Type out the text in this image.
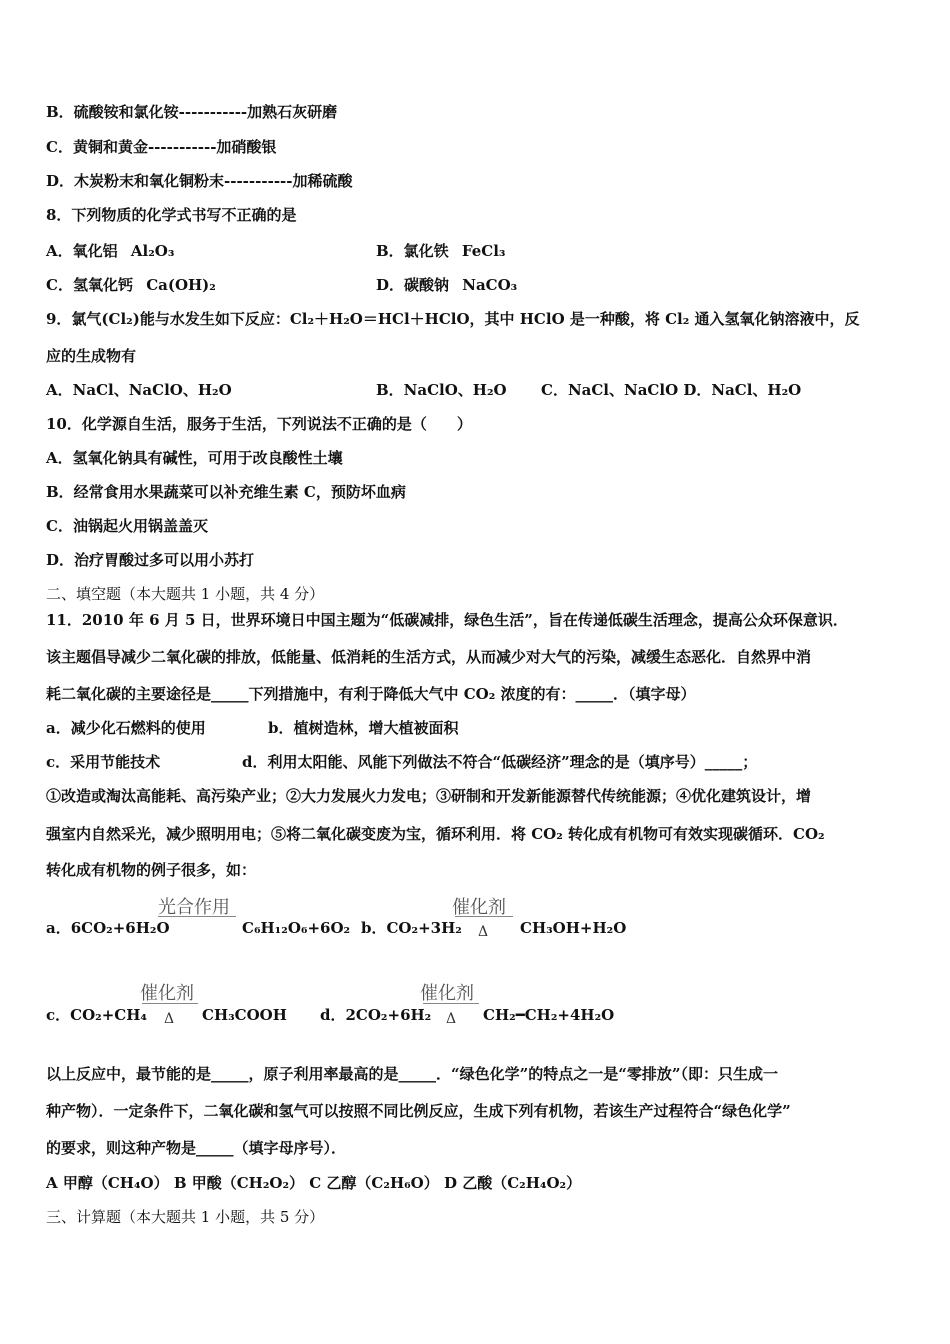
B．硫酸铵和氯化铵-----------加熟石灰研磨
C．黄铜和黄金-----------加硝酸银
D．木炭粉末和氧化铜粉末-----------加稀硫酸
8．下列物质的化学式书写不正确的是
A．氧化铝 Al₂O₃	B．氯化铁 FeCl₃
C．氢氧化钙 Ca(OH)₂	D．碳酸钠 NaCO₃
9．氯气(Cl₂)能与水发生如下反应：Cl₂＋H₂O＝HCl＋HClO，其中 HClO 是一种酸，将 Cl₂ 通入氢氧化钠溶液中，反
应的生成物有
A．NaCl、NaClO、H₂O	B．NaClO、H₂O C．NaCl、NaClO D．NaCl、H₂O
10．化学源自生活，服务于生活，下列说法不正确的是（　　）
A．氢氧化钠具有碱性，可用于改良酸性土壤
B．经常食用水果蔬菜可以补充维生素 C，预防坏血病
C．油锅起火用锅盖盖灭
D．治疗胃酸过多可以用小苏打
二、填空题（本大题共 1 小题，共 4 分）
11．2010 年 6 月 5 日，世界环境日中国主题为“低碳减排，绿色生活”，旨在传递低碳生活理念，提高公众环保意识．
该主题倡导减少二氧化碳的排放，低能量、低消耗的生活方式，从而减少对大气的污染，减缓生态恶化．自然界中消
耗二氧化碳的主要途径是_____下列措施中，有利于降低大气中 CO₂ 浓度的有：_____．（填字母）
a．减少化石燃料的使用	b．植树造林，增大植被面积
c．采用节能技术	d．利用太阳能、风能下列做法不符合“低碳经济”理念的是（填序号）_____；
①改造或淘汰高能耗、高污染产业；②大力发展火力发电；③研制和开发新能源替代传统能源；④优化建筑设计，增
强室内自然采光，减少照明用电；⑤将二氧化碳变废为宝，循环利用．将 CO₂ 转化成有机物可有效实现碳循环．CO₂
转化成有机物的例子很多，如：
a．6CO₂+6H₂O
光合作用
C₆H₁₂O₆+6O₂ b．CO₂+3H₂
催化剂
Δ CH₃OH+H₂O
c．CO₂+CH₄
催化剂
Δ CH₃COOH d．2CO₂+6H₂
催化剂
Δ CH₂━CH₂+4H₂O
以上反应中，最节能的是_____，原子利用率最高的是_____．“绿色化学”的特点之一是“零排放”（即：只生成一
种产物）．一定条件下，二氧化碳和氢气可以按照不同比例反应，生成下列有机物，若该生产过程符合“绿色化学”
的要求，则这种产物是_____（填字母序号）．
A 甲醇（CH₄O） B 甲酸（CH₂O₂） C 乙醇（C₂H₆O） D 乙酸（C₂H₄O₂）
三、计算题（本大题共 1 小题，共 5 分）
